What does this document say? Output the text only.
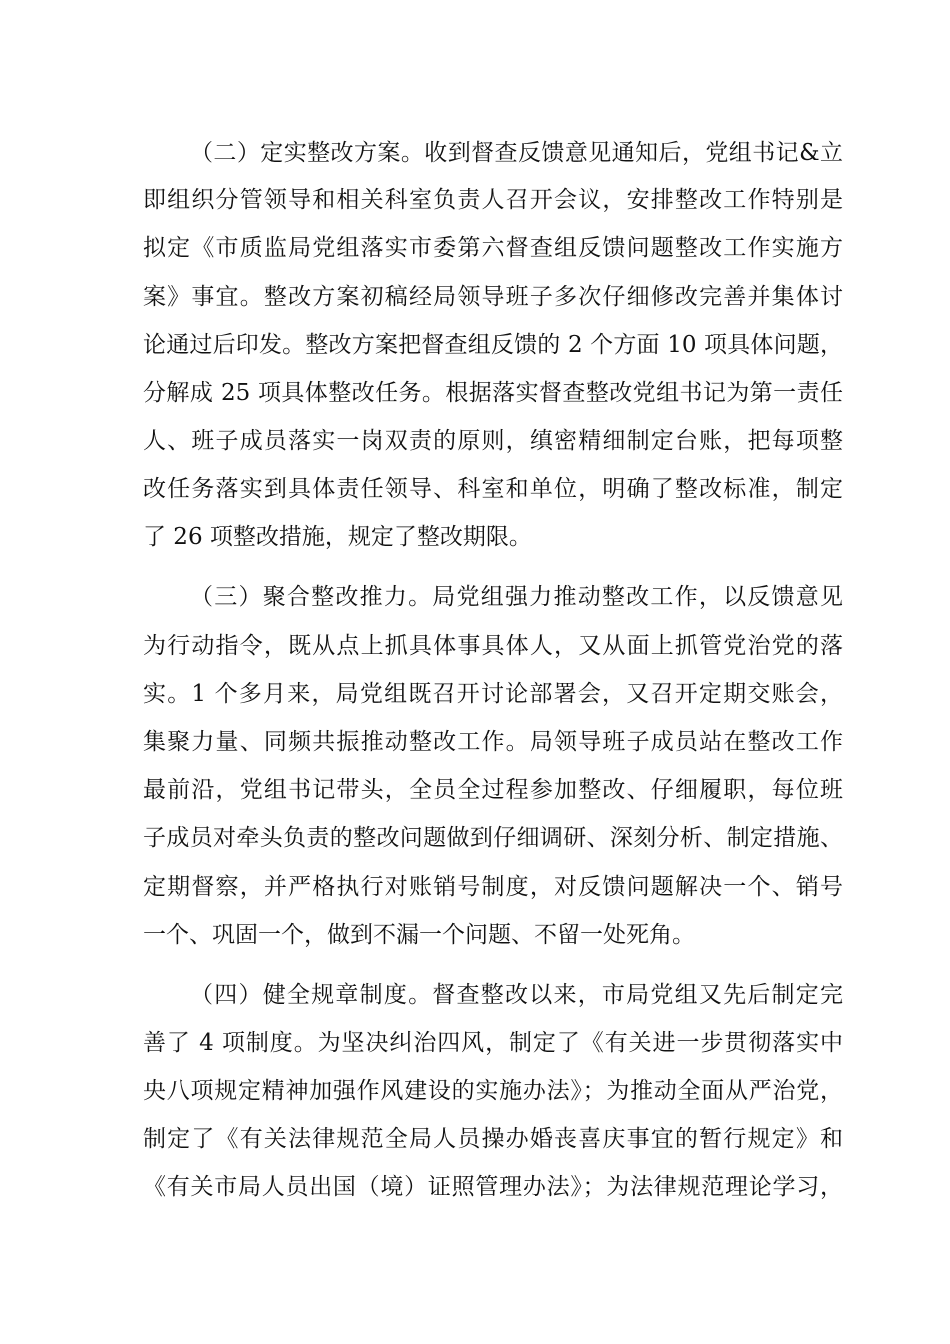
（二）定实整改方案。收到督查反馈意见通知后，党组书记&立
即组织分管领导和相关科室负责人召开会议，安排整改工作特别是
拟定《市质监局党组落实市委第六督查组反馈问题整改工作实施方
案》事宜。整改方案初稿经局领导班子多次仔细修改完善并集体讨
论通过后印发。整改方案把督查组反馈的 2 个方面 10 项具体问题，
分解成 25 项具体整改任务。根据落实督查整改党组书记为第一责任
人、班子成员落实一岗双责的原则，缜密精细制定台账，把每项整
改任务落实到具体责任领导、科室和单位，明确了整改标准，制定
了 26 项整改措施，规定了整改期限。
（三）聚合整改推力。局党组强力推动整改工作，以反馈意见
为行动指令，既从点上抓具体事具体人，又从面上抓管党治党的落
实。1 个多月来，局党组既召开讨论部署会，又召开定期交账会，
集聚力量、同频共振推动整改工作。局领导班子成员站在整改工作
最前沿，党组书记带头，全员全过程参加整改、仔细履职，每位班
子成员对牵头负责的整改问题做到仔细调研、深刻分析、制定措施、
定期督察，并严格执行对账销号制度，对反馈问题解决一个、销号
一个、巩固一个，做到不漏一个问题、不留一处死角。
（四）健全规章制度。督查整改以来，市局党组又先后制定完
善了 4 项制度。为坚决纠治四风，制定了《有关进一步贯彻落实中
央八项规定精神加强作风建设的实施办法》；为推动全面从严治党，
制定了《有关法律规范全局人员操办婚丧喜庆事宜的暂行规定》和
《有关市局人员出国（境）证照管理办法》；为法律规范理论学习，
